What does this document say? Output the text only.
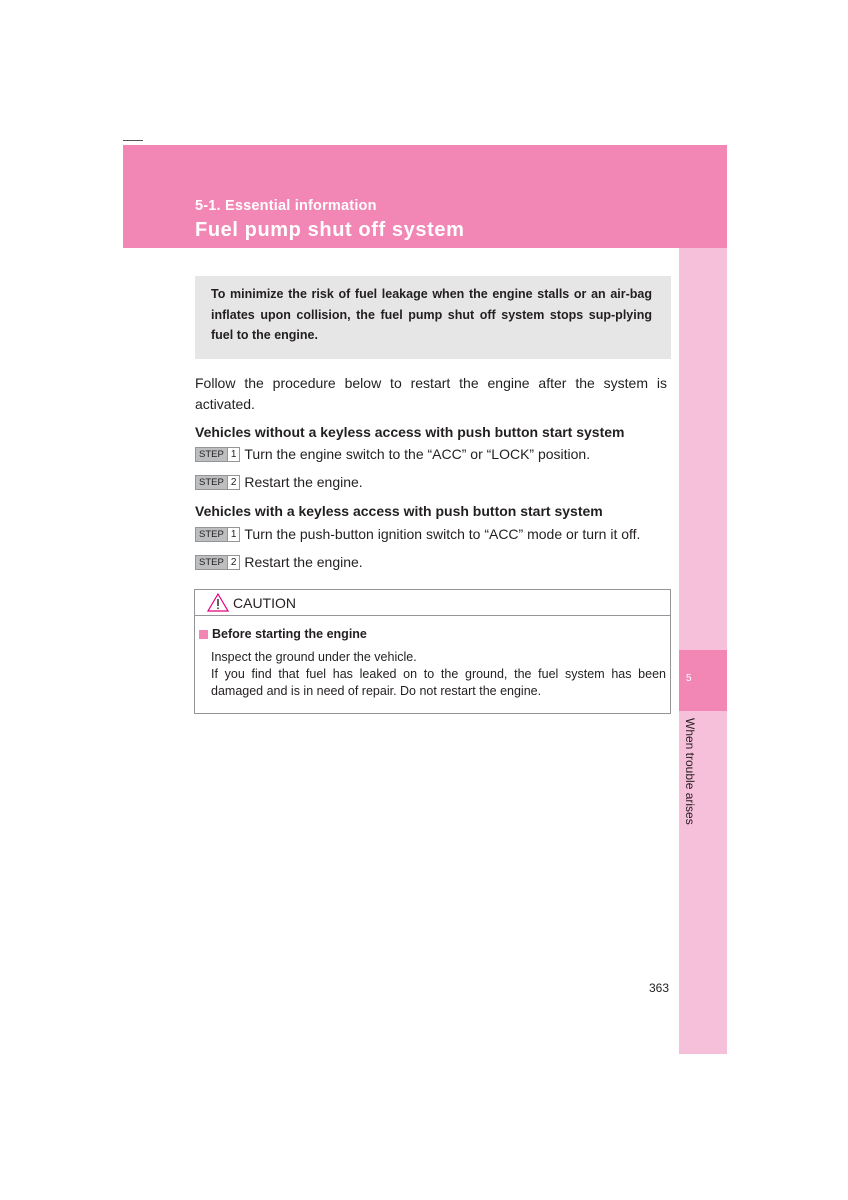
5-1. Essential information
Fuel pump shut off system
5
When trouble arises
To minimize the risk of fuel leakage when the engine stalls or an air-bag inflates upon collision, the fuel pump shut off system stops sup-plying fuel to the engine.
Follow the procedure below to restart the engine after the system is activated.
Vehicles without a keyless access with push button start system
STEP 1 Turn the engine switch to the “ACC” or “LOCK” position.
STEP 2 Restart the engine.
Vehicles with a keyless access with push button start system
STEP 1 Turn the push-button ignition switch to “ACC” mode or turn it off.
STEP 2 Restart the engine.
CAUTION
Before starting the engine
Inspect the ground under the vehicle.
If you find that fuel has leaked on to the ground, the fuel system has been damaged and is in need of repair. Do not restart the engine.
363
